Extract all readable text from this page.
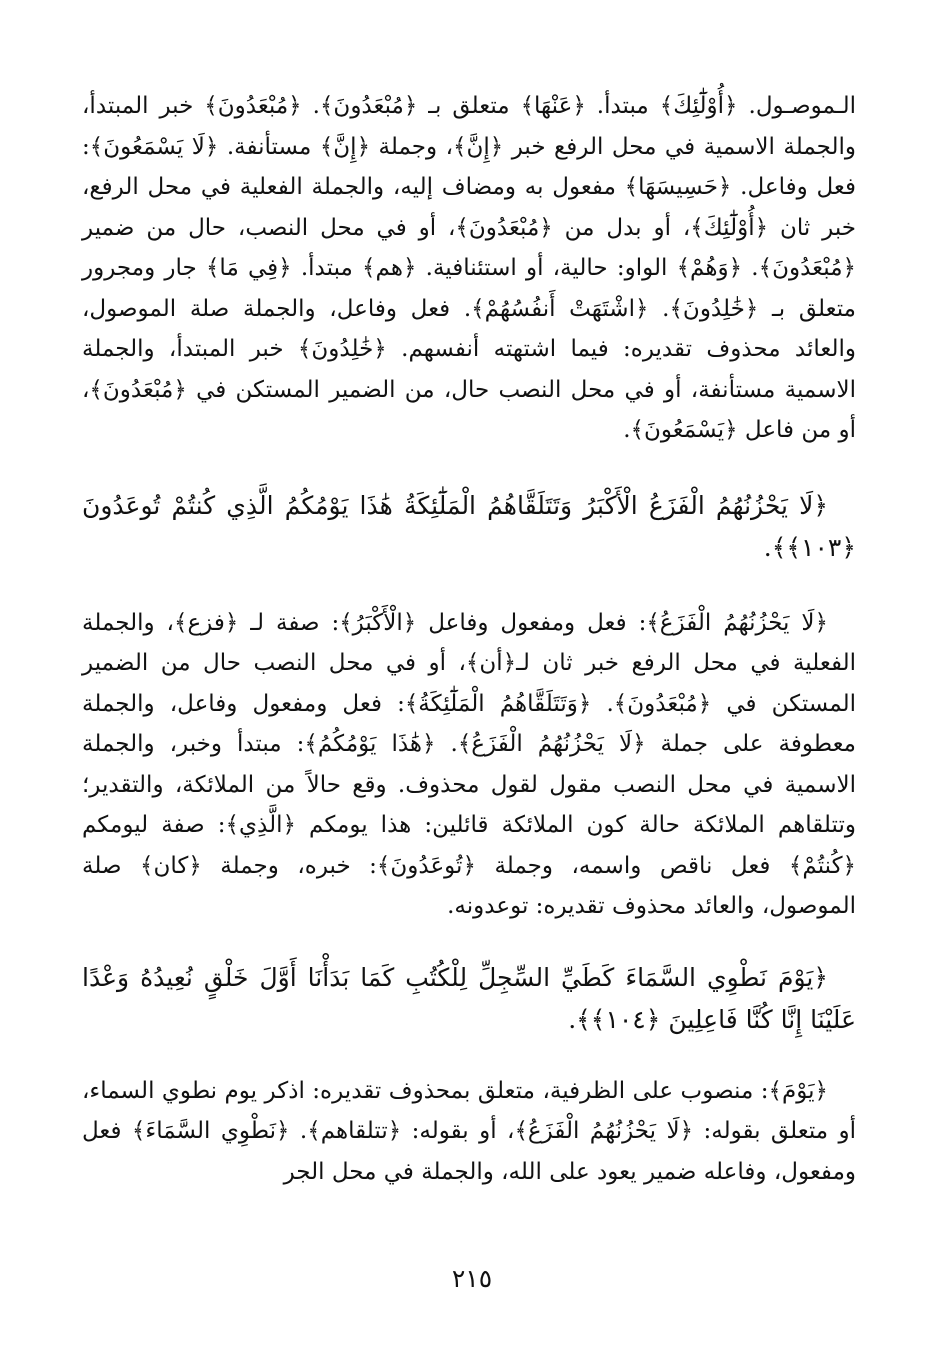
الـموصـول. ﴿أُوْلَٰٓئِكَ﴾ مبتدأ. ﴿عَنْهَا﴾ متعلق بـ ﴿مُبْعَدُونَ﴾. ﴿مُبْعَدُونَ﴾ خبر المبتدأ، والجملة الاسمية في محل الرفع خبر ﴿إِنَّ﴾، وجملة ﴿إِنَّ﴾ مستأنفة. ﴿لَا يَسْمَعُونَ﴾: فعل وفاعل. ﴿حَسِيسَهَا﴾ مفعول به ومضاف إليه، والجملة الفعلية في محل الرفع، خبر ثان ﴿أُوْلَٰٓئِكَ﴾، أو بدل من ﴿مُبْعَدُونَ﴾، أو في محل النصب، حال من ضمير ﴿مُبْعَدُونَ﴾. ﴿وَهُمْ﴾ الواو: حالية، أو استئنافية. ﴿هم﴾ مبتدأ. ﴿فِي مَا﴾ جار ومجرور متعلق بـ ﴿خَٰلِدُونَ﴾. ﴿اشْتَهَتْ أَنفُسُهُمْ﴾. فعل وفاعل، والجملة صلة الموصول، والعائد محذوف تقديره: فيما اشتهته أنفسهم. ﴿خَٰلِدُونَ﴾ خبر المبتدأ، والجملة الاسمية مستأنفة، أو في محل النصب حال، من الضمير المستكن في ﴿مُبْعَدُونَ﴾، أو من فاعل ﴿يَسْمَعُونَ﴾.

﴿لَا يَحْزُنُهُمُ الْفَزَعُ الْأَكْبَرُ وَتَتَلَقَّاهُمُ الْمَلَٰٓئِكَةُ هَٰذَا يَوْمُكُمُ الَّذِي كُنتُمْ تُوعَدُونَ ﴿١٠٣﴾﴾.

﴿لَا يَحْزُنُهُمُ الْفَزَعُ﴾: فعل ومفعول وفاعل ﴿الْأَكْبَرُ﴾: صفة لـ ﴿فزع﴾، والجملة الفعلية في محل الرفع خبر ثان لـ﴿أن﴾، أو في محل النصب حال من الضمير المستكن في ﴿مُبْعَدُونَ﴾. ﴿وَتَتَلَقَّاهُمُ الْمَلَٰٓئِكَةُ﴾: فعل ومفعول وفاعل، والجملة معطوفة على جملة ﴿لَا يَحْزُنُهُمُ الْفَزَعُ﴾. ﴿هَٰذَا يَوْمُكُمُ﴾: مبتدأ وخبر، والجملة الاسمية في محل النصب مقول لقول محذوف. وقع حالاً من الملائكة، والتقدير؛ وتتلقاهم الملائكة حالة كون الملائكة قائلين: هذا يومكم ﴿الَّذِي﴾: صفة ليومكم ﴿كُنتُمْ﴾ فعل ناقص واسمه، وجملة ﴿تُوعَدُونَ﴾: خبره، وجملة ﴿كان﴾ صلة الموصول، والعائد محذوف تقديره: توعدونه.

﴿يَوْمَ نَطْوِي السَّمَاءَ كَطَيِّ السِّجِلِّ لِلْكُتُبِ كَمَا بَدَأْنَا أَوَّلَ خَلْقٍ نُعِيدُهُ وَعْدًا عَلَيْنَا إِنَّا كُنَّا فَاعِلِينَ ﴿١٠٤﴾﴾.

﴿يَوْمَ﴾: منصوب على الظرفية، متعلق بمحذوف تقديره: اذكر يوم نطوي السماء، أو متعلق بقوله: ﴿لَا يَحْزُنُهُمُ الْفَزَعُ﴾، أو بقوله: ﴿تتلقاهم﴾. ﴿نَطْوِي السَّمَاءَ﴾ فعل ومفعول، وفاعله ضمير يعود على الله، والجملة في محل الجر

٢١٥
